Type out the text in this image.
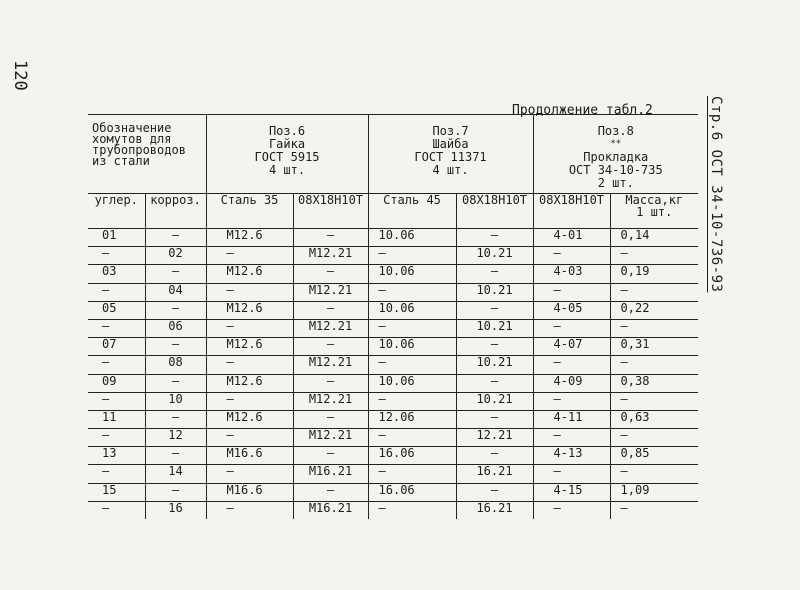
120
Стр.6 ОСТ 34-10-736-93
Продолжение табл.2
Обозначение
хомутов для
трубопроводов
из стали		Поз.6
Гайка
ГОСТ 5915
4 шт.		Поз.7
Шайба
ГОСТ 11371
4 шт.		Поз.8
**
Прокладка
ОСТ 34-10-735
2 шт.	

углер.	корроз.	Сталь 35	08Х18Н10Т	Сталь 45	08Х18Н10Т	08Х18Н10Т	Масса,кг
1 шт.

01	–	М12.6	–	10.06	–	4-01	0,14
–	02	–	М12.21	–	10.21	–	–
03	–	М12.6	–	10.06	–	4-03	0,19
–	04	–	М12.21	–	10.21	–	–
05	–	М12.6	–	10.06	–	4-05	0,22
–	06	–	М12.21	–	10.21	–	–
07	–	М12.6	–	10.06	–	4-07	0,31
–	08	–	М12.21	–	10.21	–	–
09	–	М12.6	–	10.06	–	4-09	0,38
–	10	–	М12.21	–	10.21	–	–
11	–	М12.6	–	12.06	–	4-11	0,63
–	12	–	М12.21	–	12.21	–	–
13	–	М16.6	–	16.06	–	4-13	0,85
–	14	–	М16.21	–	16.21	–	–
15	–	М16.6	–	16.06	–	4-15	1,09
–	16	–	М16.21	–	16.21	–	–
